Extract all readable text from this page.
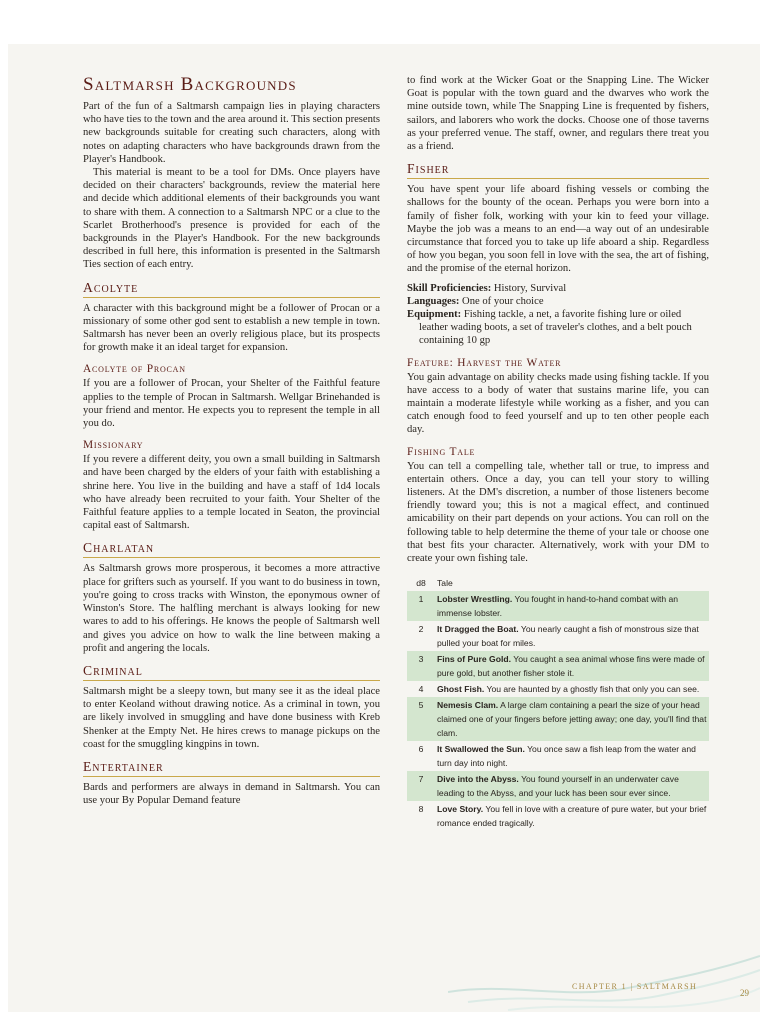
Saltmarsh Backgrounds

Part of the fun of a Saltmarsh campaign lies in playing characters who have ties to the town and the area around it. This section presents new backgrounds suitable for creating such characters, along with notes on adapting characters who have backgrounds drawn from the Player's Handbook.

This material is meant to be a tool for DMs. Once players have decided on their characters' backgrounds, review the material here and decide which additional elements of their backgrounds you want to share with them. A connection to a Saltmarsh NPC or a clue to the Scarlet Brotherhood's presence is provided for each of the backgrounds in the Player's Handbook. For the new backgrounds described in full here, this information is presented in the Saltmarsh Ties section of each entry.

Acolyte

A character with this background might be a follower of Procan or a missionary of some other god sent to establish a new temple in town. Saltmarsh has never been an overly religious place, but its prospects for growth make it an ideal target for expansion.

Acolyte of Procan

If you are a follower of Procan, your Shelter of the Faithful feature applies to the temple of Procan in Saltmarsh. Wellgar Brinehanded is your friend and mentor. He expects you to represent the temple in all you do.

Missionary

If you revere a different deity, you own a small building in Saltmarsh and have been charged by the elders of your faith with establishing a shrine here. You live in the building and have a staff of 1d4 locals who have already been recruited to your faith. Your Shelter of the Faithful feature applies to a temple located in Seaton, the provincial capital east of Saltmarsh.

Charlatan

As Saltmarsh grows more prosperous, it becomes a more attractive place for grifters such as yourself. If you want to do business in town, you're going to cross tracks with Winston, the eponymous owner of Winston's Store. The halfling merchant is always looking for new wares to add to his offerings. He knows the people of Saltmarsh well and gives you advice on how to walk the line between making a profit and angering the locals.

Criminal

Saltmarsh might be a sleepy town, but many see it as the ideal place to enter Keoland without drawing notice. As a criminal in town, you are likely involved in smuggling and have done business with Kreb Shenker at the Empty Net. He hires crews to manage pickups on the coast for the smuggling kingpins in town.

Entertainer

Bards and performers are always in demand in Saltmarsh. You can use your By Popular Demand feature

to find work at the Wicker Goat or the Snapping Line. The Wicker Goat is popular with the town guard and the dwarves who work the mine outside town, while The Snapping Line is frequented by fishers, sailors, and laborers who work the docks. Choose one of those taverns as your preferred venue. The staff, owner, and regulars there treat you as a friend.

Fisher

You have spent your life aboard fishing vessels or combing the shallows for the bounty of the ocean. Perhaps you were born into a family of fisher folk, working with your kin to feed your village. Maybe the job was a means to an end—a way out of an undesirable circumstance that forced you to take up life aboard a ship. Regardless of how you began, you soon fell in love with the sea, the art of fishing, and the promise of the eternal horizon.

Skill Proficiencies: History, Survival
Languages: One of your choice
Equipment: Fishing tackle, a net, a favorite fishing lure or oiled leather wading boots, a set of traveler's clothes, and a belt pouch containing 10 gp
Feature: Harvest the Water

You gain advantage on ability checks made using fishing tackle. If you have access to a body of water that sustains marine life, you can maintain a moderate lifestyle while working as a fisher, and you can catch enough food to feed yourself and up to ten other people each day.

Fishing Tale

You can tell a compelling tale, whether tall or true, to impress and entertain others. Once a day, you can tell your story to willing listeners. At the DM's discretion, a number of those listeners become friendly toward you; this is not a magical effect, and continued amicability on their part depends on your actions. You can roll on the following table to help determine the theme of your tale or choose one that best fits your character. Alternatively, work with your DM to create your own fishing tale.

d8	Tale
1	Lobster Wrestling. You fought in hand-to-hand combat with an immense lobster.
2	It Dragged the Boat. You nearly caught a fish of monstrous size that pulled your boat for miles.
3	Fins of Pure Gold. You caught a sea animal whose fins were made of pure gold, but another fisher stole it.
4	Ghost Fish. You are haunted by a ghostly fish that only you can see.
5	Nemesis Clam. A large clam containing a pearl the size of your head claimed one of your fingers before jetting away; one day, you'll find that clam.
6	It Swallowed the Sun. You once saw a fish leap from the water and turn day into night.
7	Dive into the Abyss. You found yourself in an underwater cave leading to the Abyss, and your luck has been sour ever since.
8	Love Story. You fell in love with a creature of pure water, but your brief romance ended tragically.
CHAPTER 1 | SALTMARSH
29
